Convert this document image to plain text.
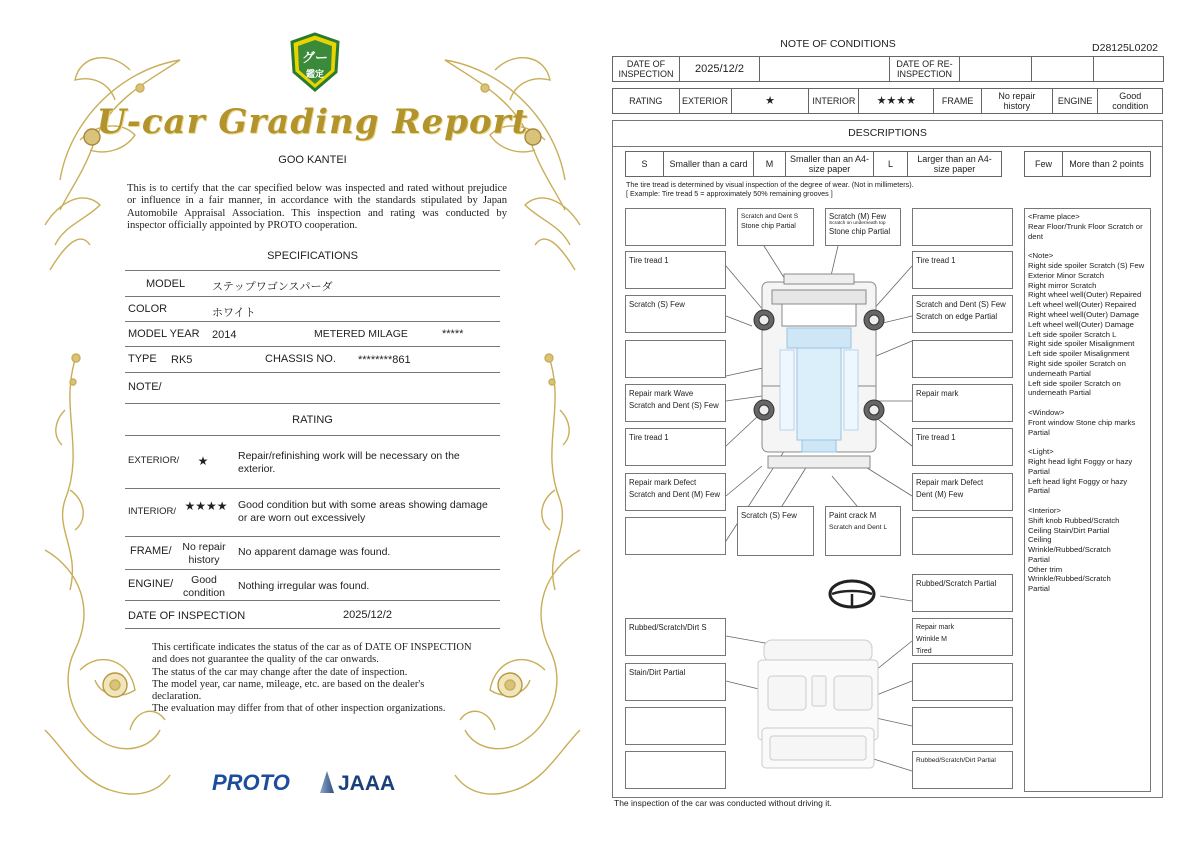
グー
鑑定
U-car Grading Report
GOO KANTEI
This is to certify that the car specified below was inspected and rated without prejudice or influence in a fair manner, in accordance with the standards stipulated by Japan Automobile Appraisal Association. This inspection and rating was conducted by inspector officially appointed by PROTO cooperation.
SPECIFICATIONS
MODEL ステップワゴンスパーダ
COLOR	ホワイト
MODEL YEAR 2014	METERED MILAGE	*****
TYPE RK5	CHASSIS NO. ********861
NOTE/
RATING
EXTERIOR/	★	Repair/refinishing work will be necessary on the exterior.
INTERIOR/ ★★★★ Good condition but with some areas showing damage or are worn out excessively
FRAME/	No repair history
No apparent damage was found.
ENGINE/	Good condition
Nothing irregular was found.
DATE OF INSPECTION	2025/12/2
This certificate indicates the status of the car as of DATE OF INSPECTION and does not guarantee the quality of the car onwards.
The status of the car may change after the date of inspection.
The model year, car name, mileage, etc. are based on the dealer's declaration.
The evaluation may differ from that of other inspection organizations.
PROTO	JAAA
NOTE OF CONDITIONS	D28125L0202
DATE OF INSPECTION	2025/12/2		DATE OF RE-INSPECTION			
RATING	EXTERIOR	★	INTERIOR	★★★★	FRAME	No repair history	ENGINE	Good condition
DESCRIPTIONS
S	Smaller than a card	M	Smaller than an A4-size paper	L	Larger than an A4-size paper
Few	More than 2 points
The tire tread is determined by visual inspection of the degree of wear. (Not in millimeters).
[ Example: Tire tread 5 = approximately 50% remaining grooves ]
Tire tread 1
Scratch (S) Few
Repair mark Wave
Scratch and Dent (S) Few
Tire tread 1
Repair mark Defect
Scratch and Dent (M) Few
Scratch and Dent S
Stone chip Partial
Scratch (M) Few
Scratch on underneath top
Stone chip Partial
Scratch (S) Few	Paint crack M
Scratch and Dent L
Tire tread 1
Scratch and Dent (S) Few
Scratch on edge Partial
Repair mark
Tire tread 1
Repair mark Defect
Dent (M) Few
Rubbed/Scratch Partial
Rubbed/Scratch/Dirt S	Repair mark
Wrinkle M
Tired
Stain/Dirt Partial
Rubbed/Scratch/Dirt Partial
<Frame place>
Rear Floor/Trunk Floor Scratch or dent
<Note>
Right side spoiler Scratch (S) Few
Exterior Minor Scratch
Right mirror Scratch
Right wheel well(Outer) Repaired
Left wheel well(Outer) Repaired
Right wheel well(Outer) Damage
Left wheel well(Outer) Damage
Left side spoiler Scratch L
Right side spoiler Misalignment
Left side spoiler Misalignment
Right side spoiler Scratch on underneath Partial
Left side spoiler Scratch on underneath Partial
<Window>
Front window Stone chip marks Partial
<Light>
Right head light Foggy or hazy Partial
Left head light Foggy or hazy Partial
<Interior>
Shift knob Rubbed/Scratch
Ceiling Stain/Dirt Partial
Ceiling
Wrinkle/Rubbed/Scratch
Partial
Other trim
Wrinkle/Rubbed/Scratch
Partial
The inspection of the car was conducted without driving it.
